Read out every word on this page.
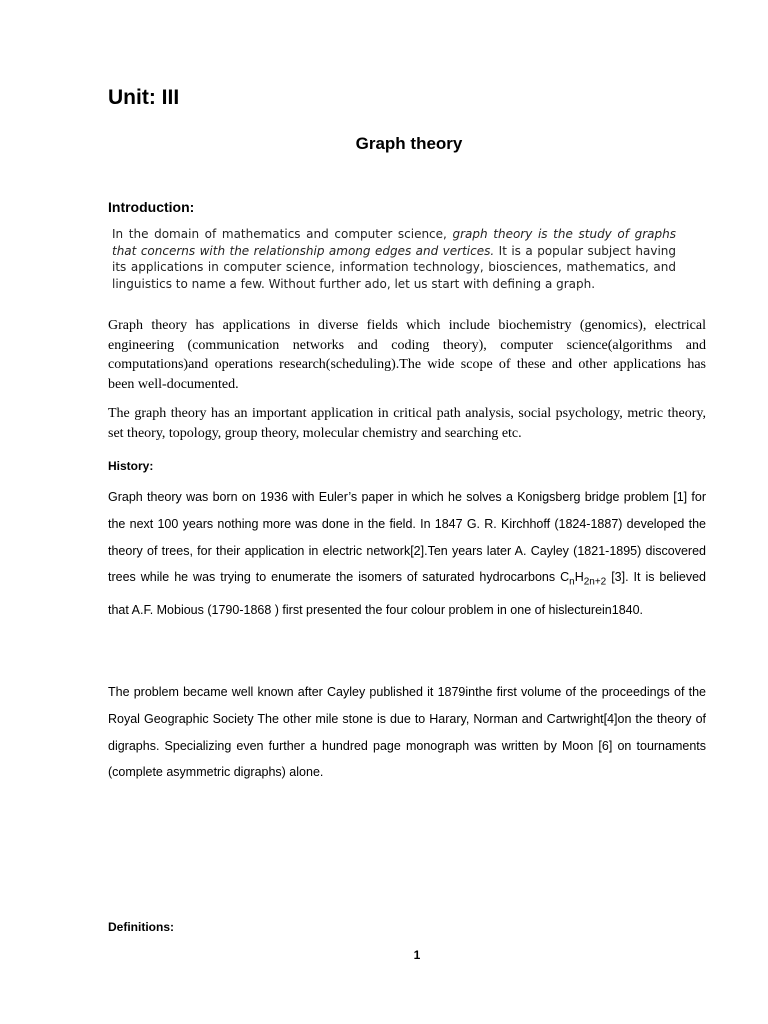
Unit: III
Graph theory
Introduction:

In the domain of mathematics and computer science, graph theory is the study of graphs that concerns with the relationship among edges and vertices. It is a popular subject having its applications in computer science, information technology, biosciences, mathematics, and linguistics to name a few. Without further ado, let us start with defining a graph.

Graph theory has applications in diverse fields which include biochemistry (genomics), electrical engineering (communication networks and coding theory), computer science(algorithms and computations)and operations research(scheduling).The wide scope of these and other applications has been well-documented.

The graph theory has an important application in critical path analysis, social psychology, metric theory, set theory, topology, group theory, molecular chemistry and searching etc.

History:

Graph theory was born on 1936 with Euler’s paper in which he solves a Konigsberg bridge problem [1] for the next 100 years nothing more was done in the field. In 1847 G. R. Kirchhoff (1824-1887) developed the theory of trees, for their application in electric network[2].Ten years later A. Cayley (1821-1895) discovered trees while he was trying to enumerate the isomers of saturated hydrocarbons $C_nH_{2n+2}$ [3]. It is believed that A.F. Mobious (1790-1868 ) first presented the four colour problem in one of hislecturein1840.

The problem became well known after Cayley published it 1879inthe first volume of the proceedings of the Royal Geographic Society The other mile stone is due to Harary, Norman and Cartwright[4]on the theory of digraphs. Specializing even further a hundred page monograph was written by Moon [6] on tournaments (complete asymmetric digraphs) alone.

Definitions:
1
